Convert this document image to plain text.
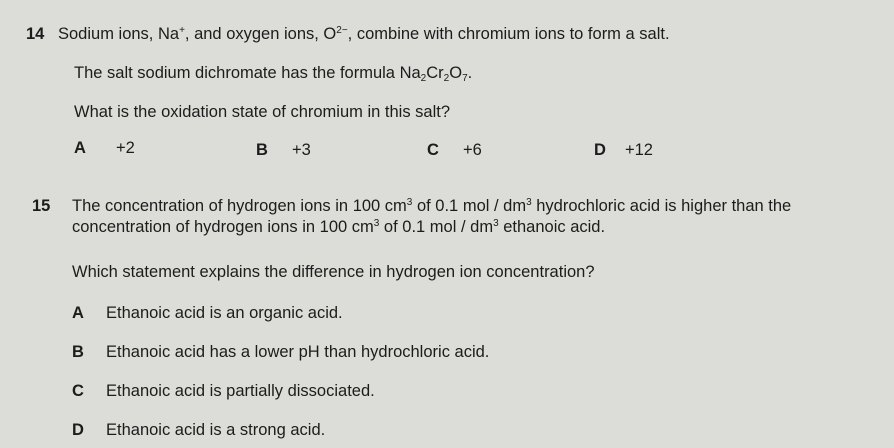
14 Sodium ions, Na+, and oxygen ions, $O^{2-}$, combine with chromium ions to form a salt.
The salt sodium dichromate has the formula $Na_2Cr_2O_7$.
What is the oxidation state of chromium in this salt?
A +2	B +3	C +6	D +12
15 The concentration of hydrogen ions in 100 $cm^3$ of 0.1 mol / $dm^3$ hydrochloric acid is higher than the
concentration of hydrogen ions in 100 $cm^3$ of 0.1 mol / $dm^3$ ethanoic acid.
Which statement explains the difference in hydrogen ion concentration?
A Ethanoic acid is an organic acid.
B Ethanoic acid has a lower pH than hydrochloric acid.
C Ethanoic acid is partially dissociated.
D Ethanoic acid is a strong acid.
